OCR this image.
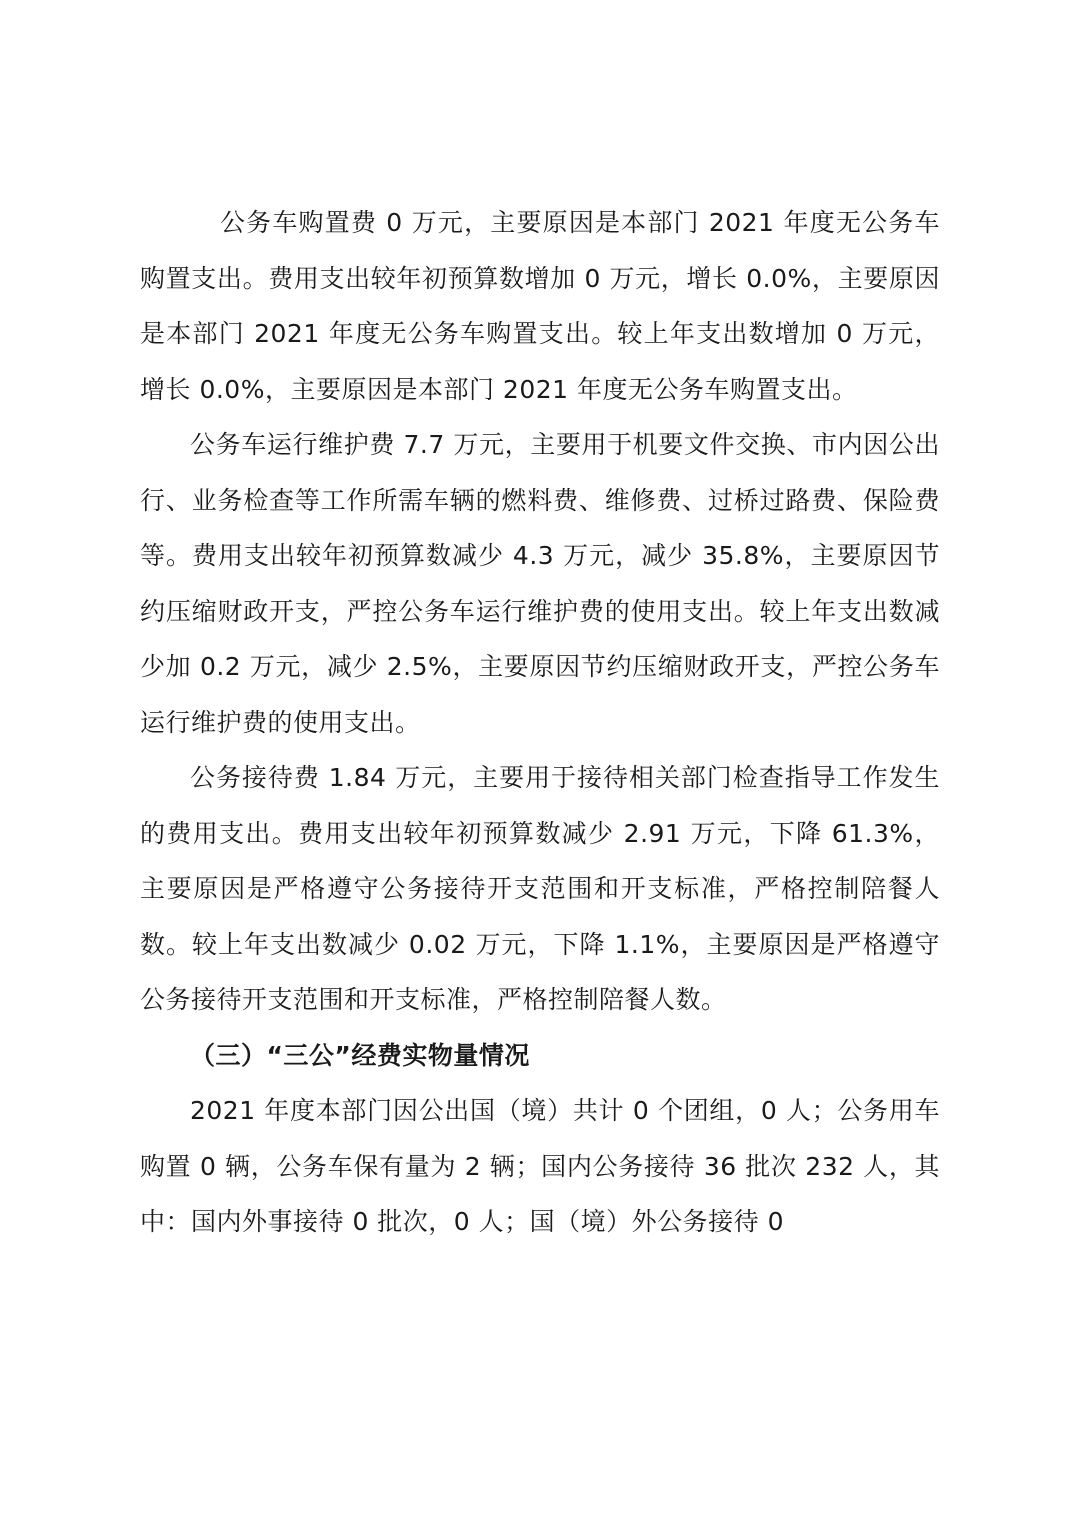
公务车购置费 0 万元，主要原因是本部门 2021 年度无公务车购置支出。费用支出较年初预算数增加 0 万元，增长 0.0%，主要原因是本部门 2021 年度无公务车购置支出。较上年支出数增加 0 万元，增长 0.0%，主要原因是本部门 2021 年度无公务车购置支出。

公务车运行维护费 7.7 万元，主要用于机要文件交换、市内因公出行、业务检查等工作所需车辆的燃料费、维修费、过桥过路费、保险费等。费用支出较年初预算数减少 4.3 万元，减少 35.8%，主要原因节约压缩财政开支，严控公务车运行维护费的使用支出。较上年支出数减少加 0.2 万元，减少 2.5%，主要原因节约压缩财政开支，严控公务车运行维护费的使用支出。

公务接待费 1.84 万元，主要用于接待相关部门检查指导工作发生的费用支出。费用支出较年初预算数减少 2.91 万元，下降 61.3%，主要原因是严格遵守公务接待开支范围和开支标准，严格控制陪餐人数。较上年支出数减少 0.02 万元，下降 1.1%，主要原因是严格遵守公务接待开支范围和开支标准，严格控制陪餐人数。

（三）“三公”经费实物量情况

2021 年度本部门因公出国（境）共计 0 个团组，0 人；公务用车购置 0 辆，公务车保有量为 2 辆；国内公务接待 36 批次 232 人，其中：国内外事接待 0 批次，0 人；国（境）外公务接待 0
